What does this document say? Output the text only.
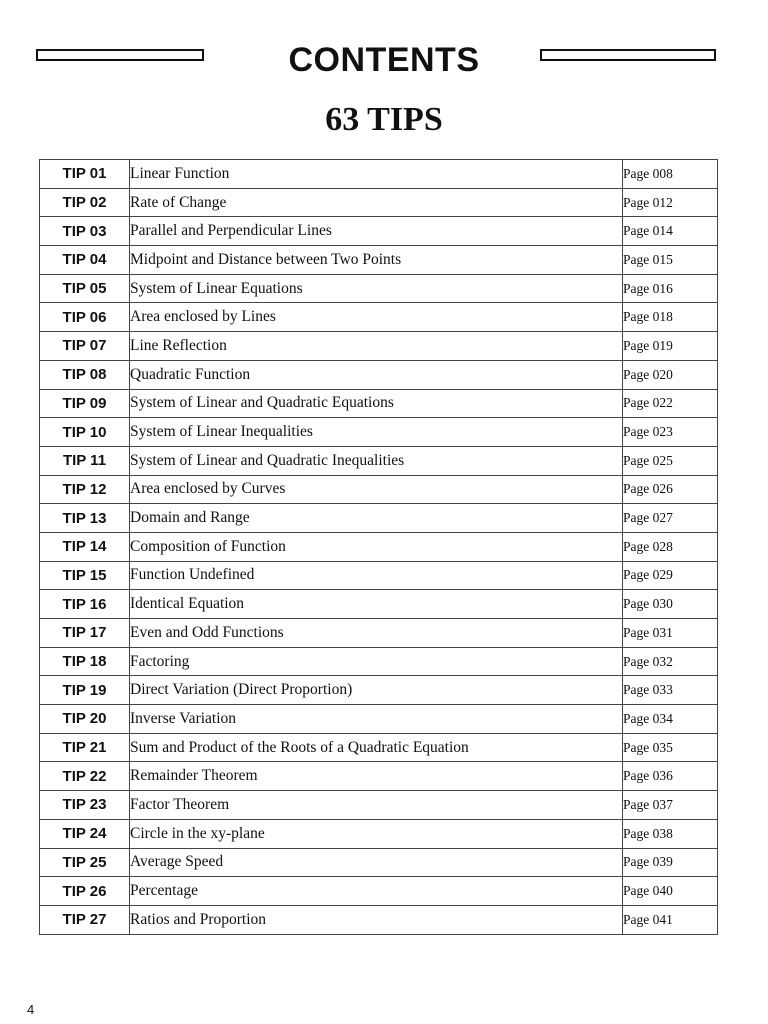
CONTENTS
63 TIPS
TIP 01	Linear Function	Page 008
TIP 02	Rate of Change	Page 012
TIP 03	Parallel and Perpendicular Lines	Page 014
TIP 04	Midpoint and Distance between Two Points	Page 015
TIP 05	System of Linear Equations	Page 016
TIP 06	Area enclosed by Lines	Page 018
TIP 07	Line Reflection	Page 019
TIP 08	Quadratic Function	Page 020
TIP 09	System of Linear and Quadratic Equations	Page 022
TIP 10	System of Linear Inequalities	Page 023
TIP 11	System of Linear and Quadratic Inequalities	Page 025
TIP 12	Area enclosed by Curves	Page 026
TIP 13	Domain and Range	Page 027
TIP 14	Composition of Function	Page 028
TIP 15	Function Undefined	Page 029
TIP 16	Identical Equation	Page 030
TIP 17	Even and Odd Functions	Page 031
TIP 18	Factoring	Page 032
TIP 19	Direct Variation (Direct Proportion)	Page 033
TIP 20	Inverse Variation	Page 034
TIP 21	Sum and Product of the Roots of a Quadratic Equation	Page 035
TIP 22	Remainder Theorem	Page 036
TIP 23	Factor Theorem	Page 037
TIP 24	Circle in the xy-plane	Page 038
TIP 25	Average Speed	Page 039
TIP 26	Percentage	Page 040
TIP 27	Ratios and Proportion	Page 041
4
